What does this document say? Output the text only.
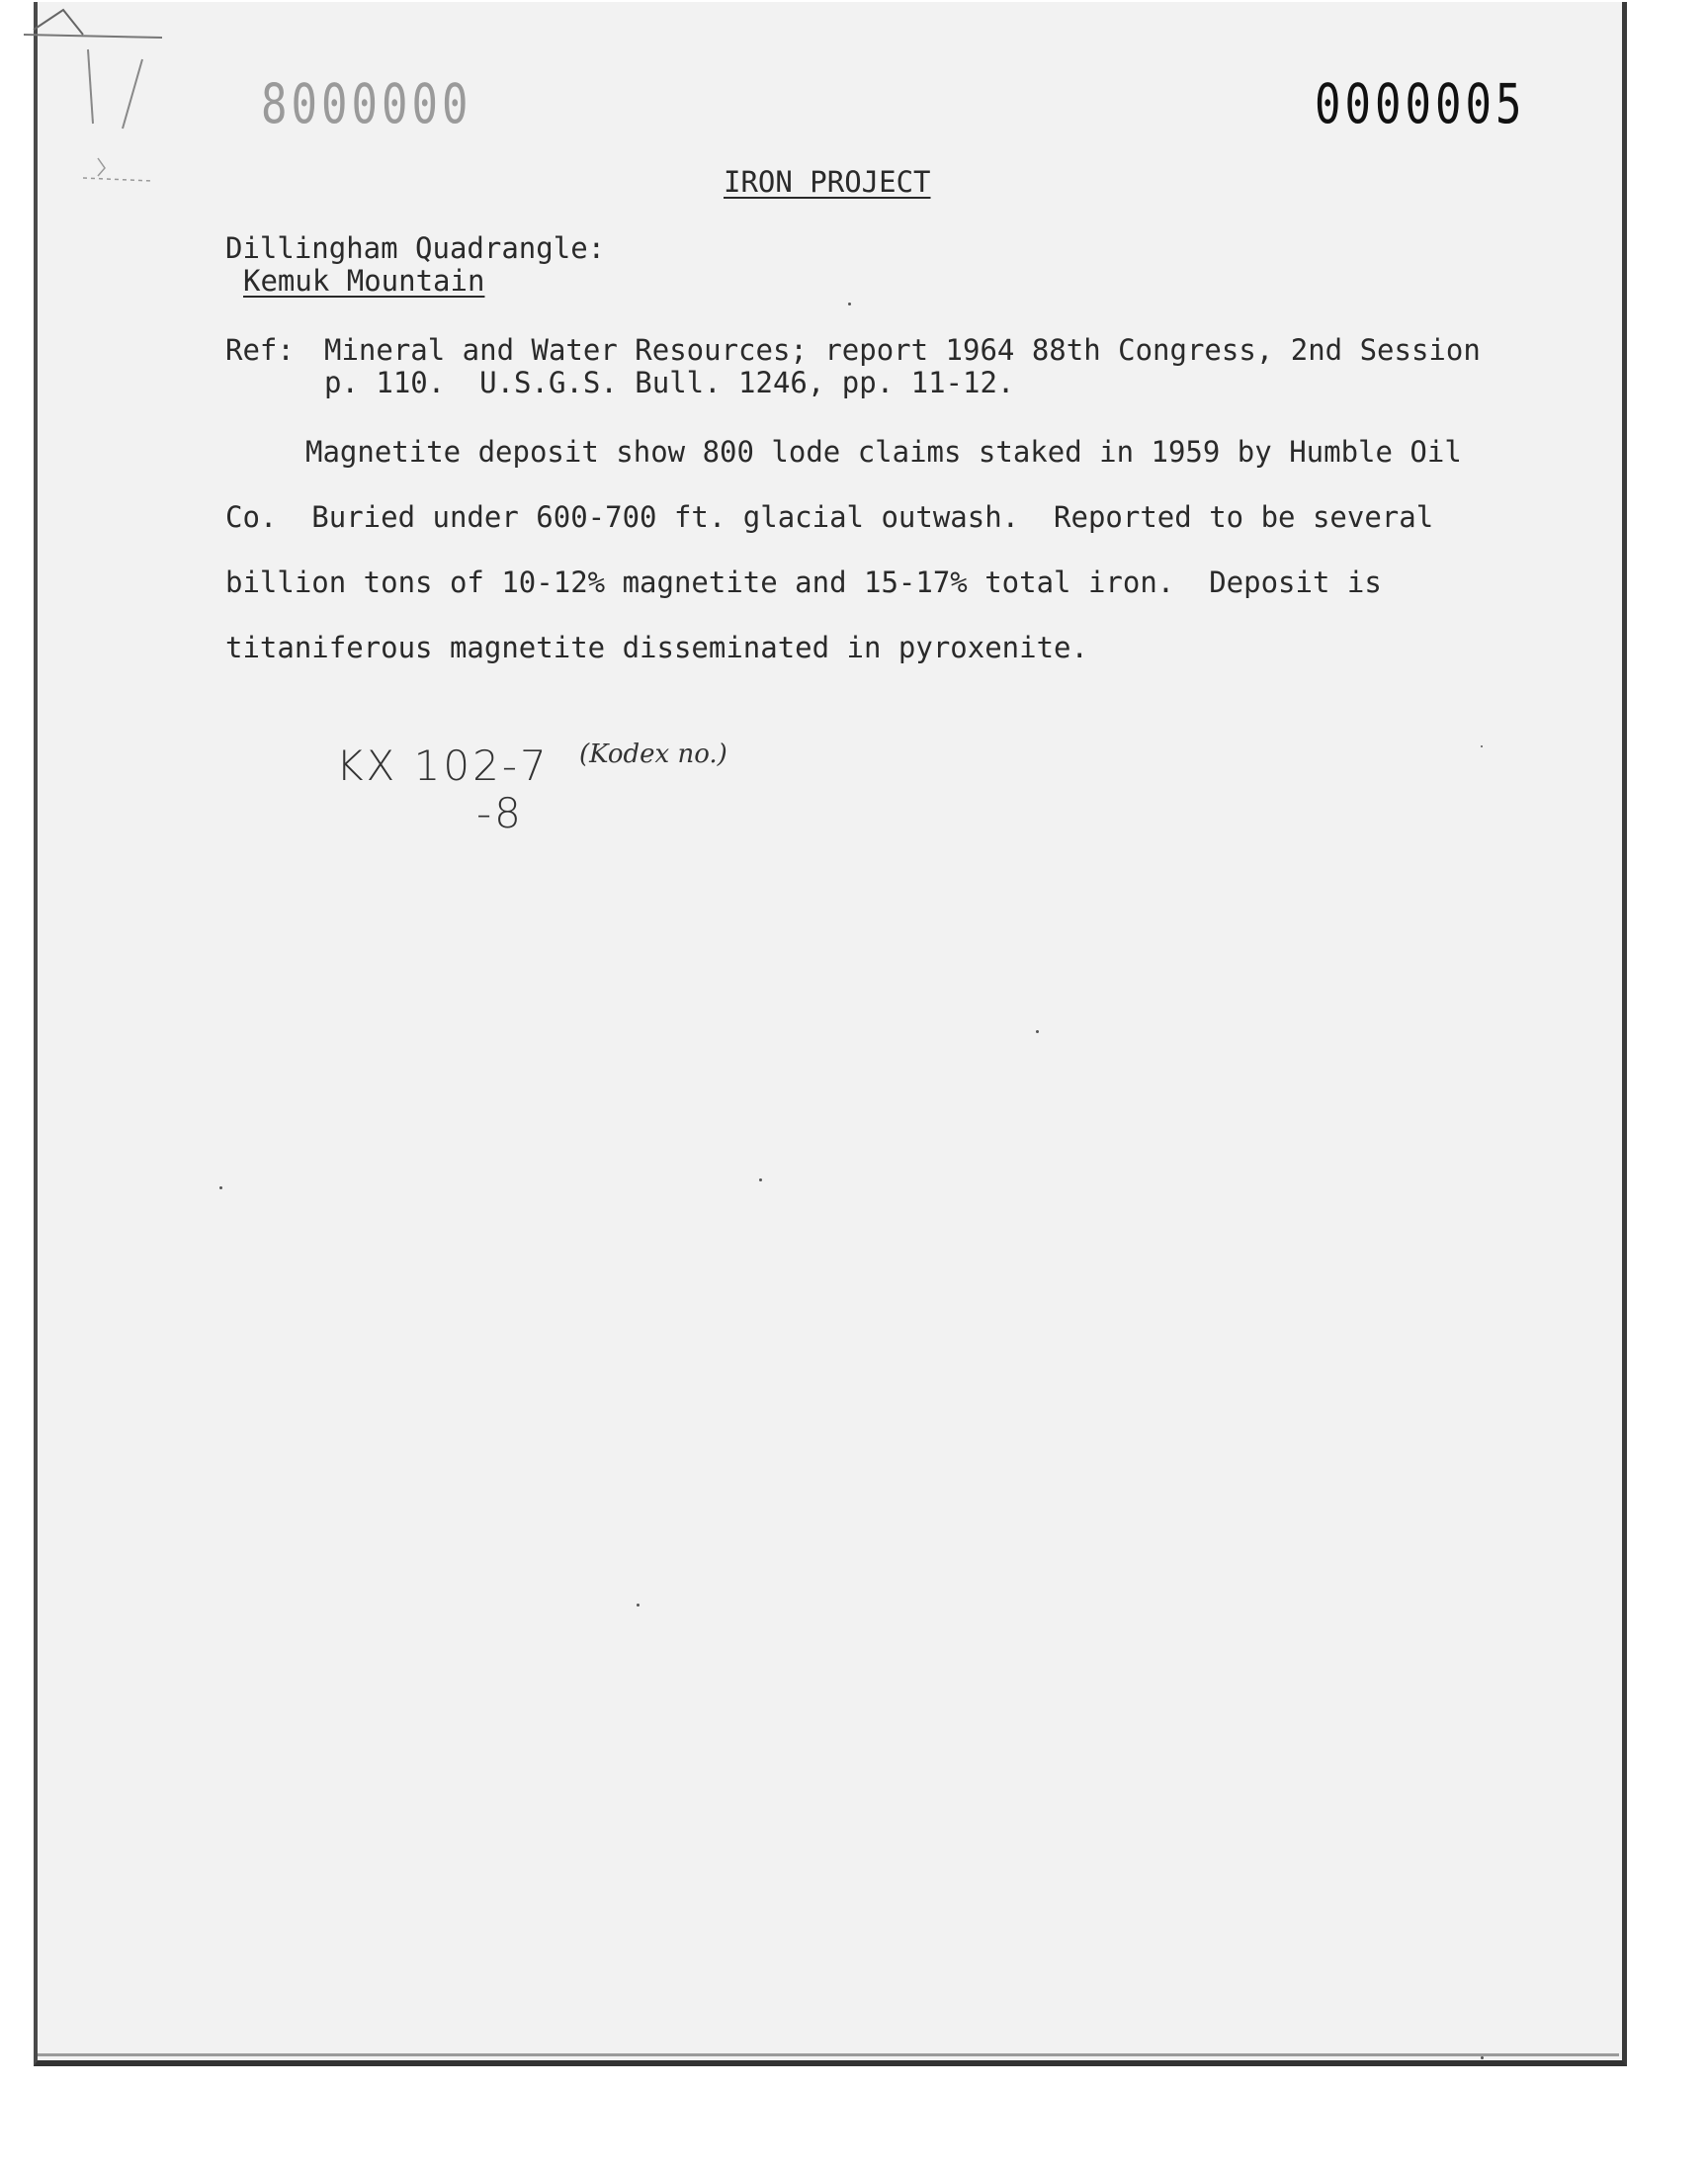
8000000	0000005
IRON PROJECT
Dillingham Quadrangle:
Kemuk Mountain
Ref: Mineral and Water Resources; report 1964 88th Congress, 2nd Session
p. 110.  U.S.G.S. Bull. 1246, pp. 11-12.
Magnetite deposit show 800 lode claims staked in 1959 by Humble Oil
Co.  Buried under 600-700 ft. glacial outwash.  Reported to be several
billion tons of 10-12% magnetite and 15-17% total iron.  Deposit is
titaniferous magnetite disseminated in pyroxenite.
KX 102-7 (Kodex no.)
-8
